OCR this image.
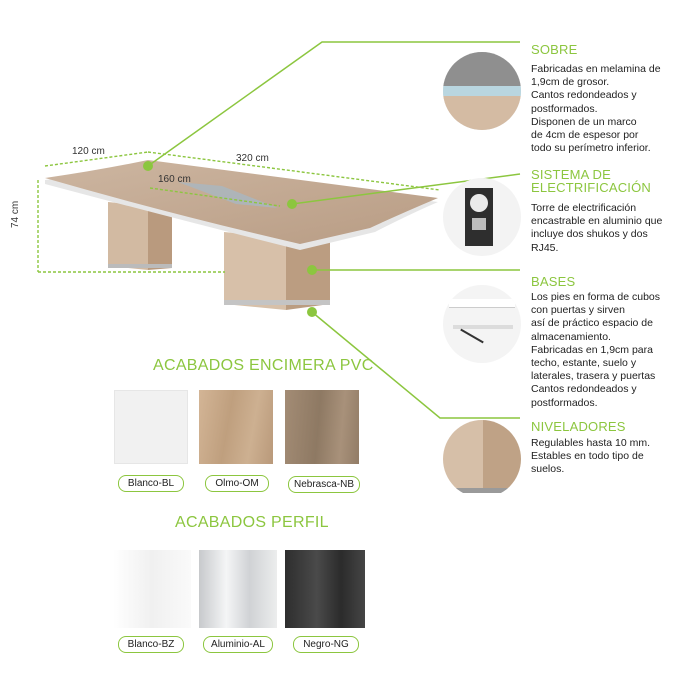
120 cm
320 cm
160 cm
74 cm
SOBRE
Fabricadas en melamina de
1,9cm de grosor.
Cantos redondeados y
postformados.
Disponen de un marco
de 4cm de espesor por
todo su perímetro inferior.
SISTEMA DE
ELECTRIFICACIÓN
Torre de electrificación
encastrable en aluminio que
incluye dos shukos y dos
RJ45.
BASES
Los pies en forma de cubos
con puertas y sirven
así de práctico espacio de
almacenamiento.
Fabricadas en 1,9cm para
techo, estante, suelo y
laterales, trasera y puertas
Cantos redondeados y
postformados.
NIVELADORES
Regulables hasta 10 mm.
Estables en todo tipo de
suelos.
ACABADOS ENCIMERA PVC
Blanco-BL	Olmo-OM	Nebrasca-NB
ACABADOS PERFIL
Blanco-BZ	Aluminio-AL	Negro-NG
